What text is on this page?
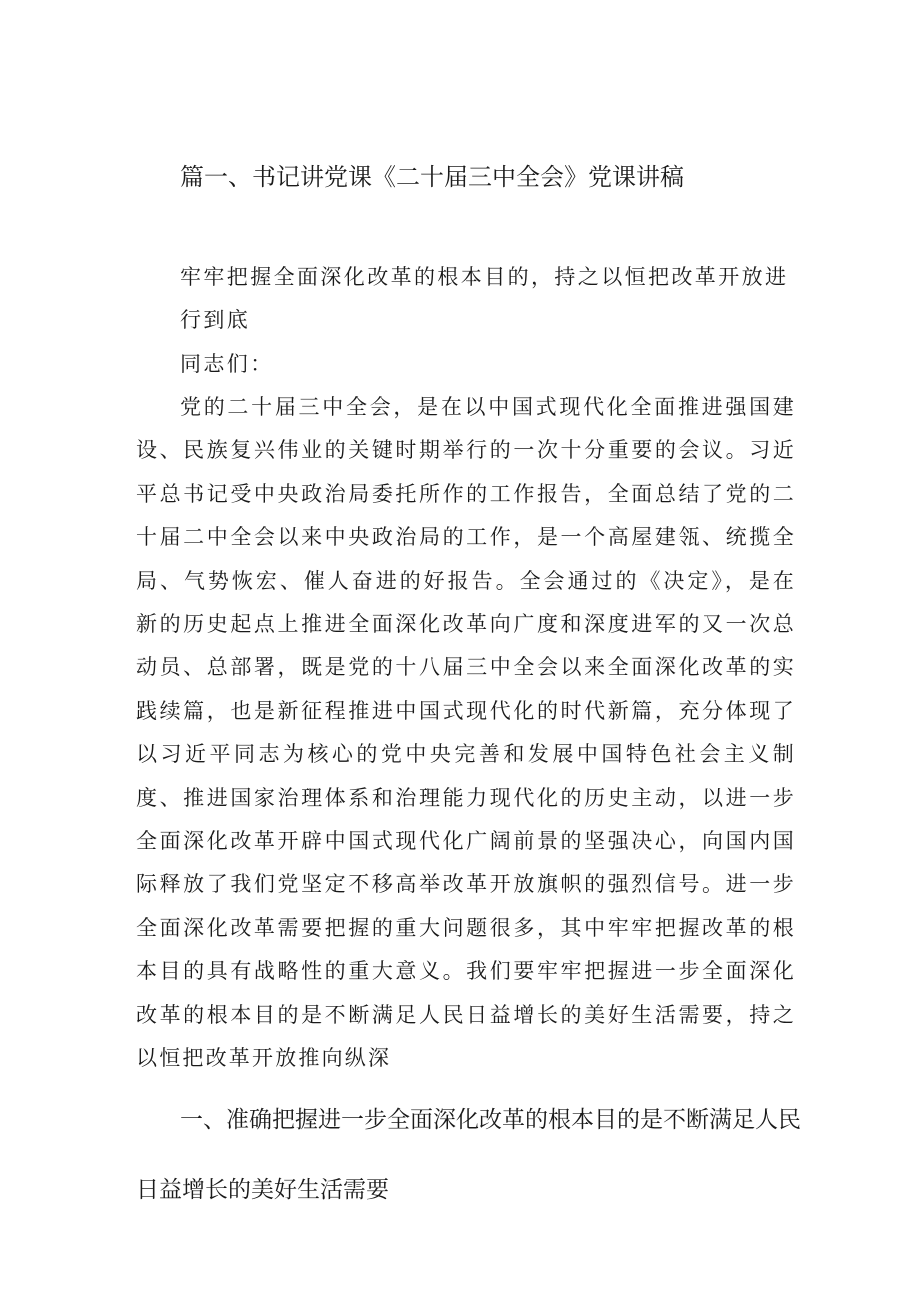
篇一、书记讲党课《二十届三中全会》党课讲稿

牢牢把握全面深化改革的根本目的，持之以恒把改革开放进行到底

同志们：

党的二十届三中全会，是在以中国式现代化全面推进强国建设、民族复兴伟业的关键时期举行的一次十分重要的会议。习近平总书记受中央政治局委托所作的工作报告，全面总结了党的二十届二中全会以来中央政治局的工作，是一个高屋建瓴、统揽全局、气势恢宏、催人奋进的好报告。全会通过的《决定》，是在新的历史起点上推进全面深化改革向广度和深度进军的又一次总动员、总部署，既是党的十八届三中全会以来全面深化改革的实践续篇，也是新征程推进中国式现代化的时代新篇，充分体现了以习近平同志为核心的党中央完善和发展中国特色社会主义制度、推进国家治理体系和治理能力现代化的历史主动，以进一步全面深化改革开辟中国式现代化广阔前景的坚强决心，向国内国际释放了我们党坚定不移高举改革开放旗帜的强烈信号。进一步全面深化改革需要把握的重大问题很多，其中牢牢把握改革的根本目的具有战略性的重大意义。我们要牢牢把握进一步全面深化改革的根本目的是不断满足人民日益增长的美好生活需要，持之以恒把改革开放推向纵深

一、准确把握进一步全面深化改革的根本目的是不断满足人民日益增长的美好生活需要
